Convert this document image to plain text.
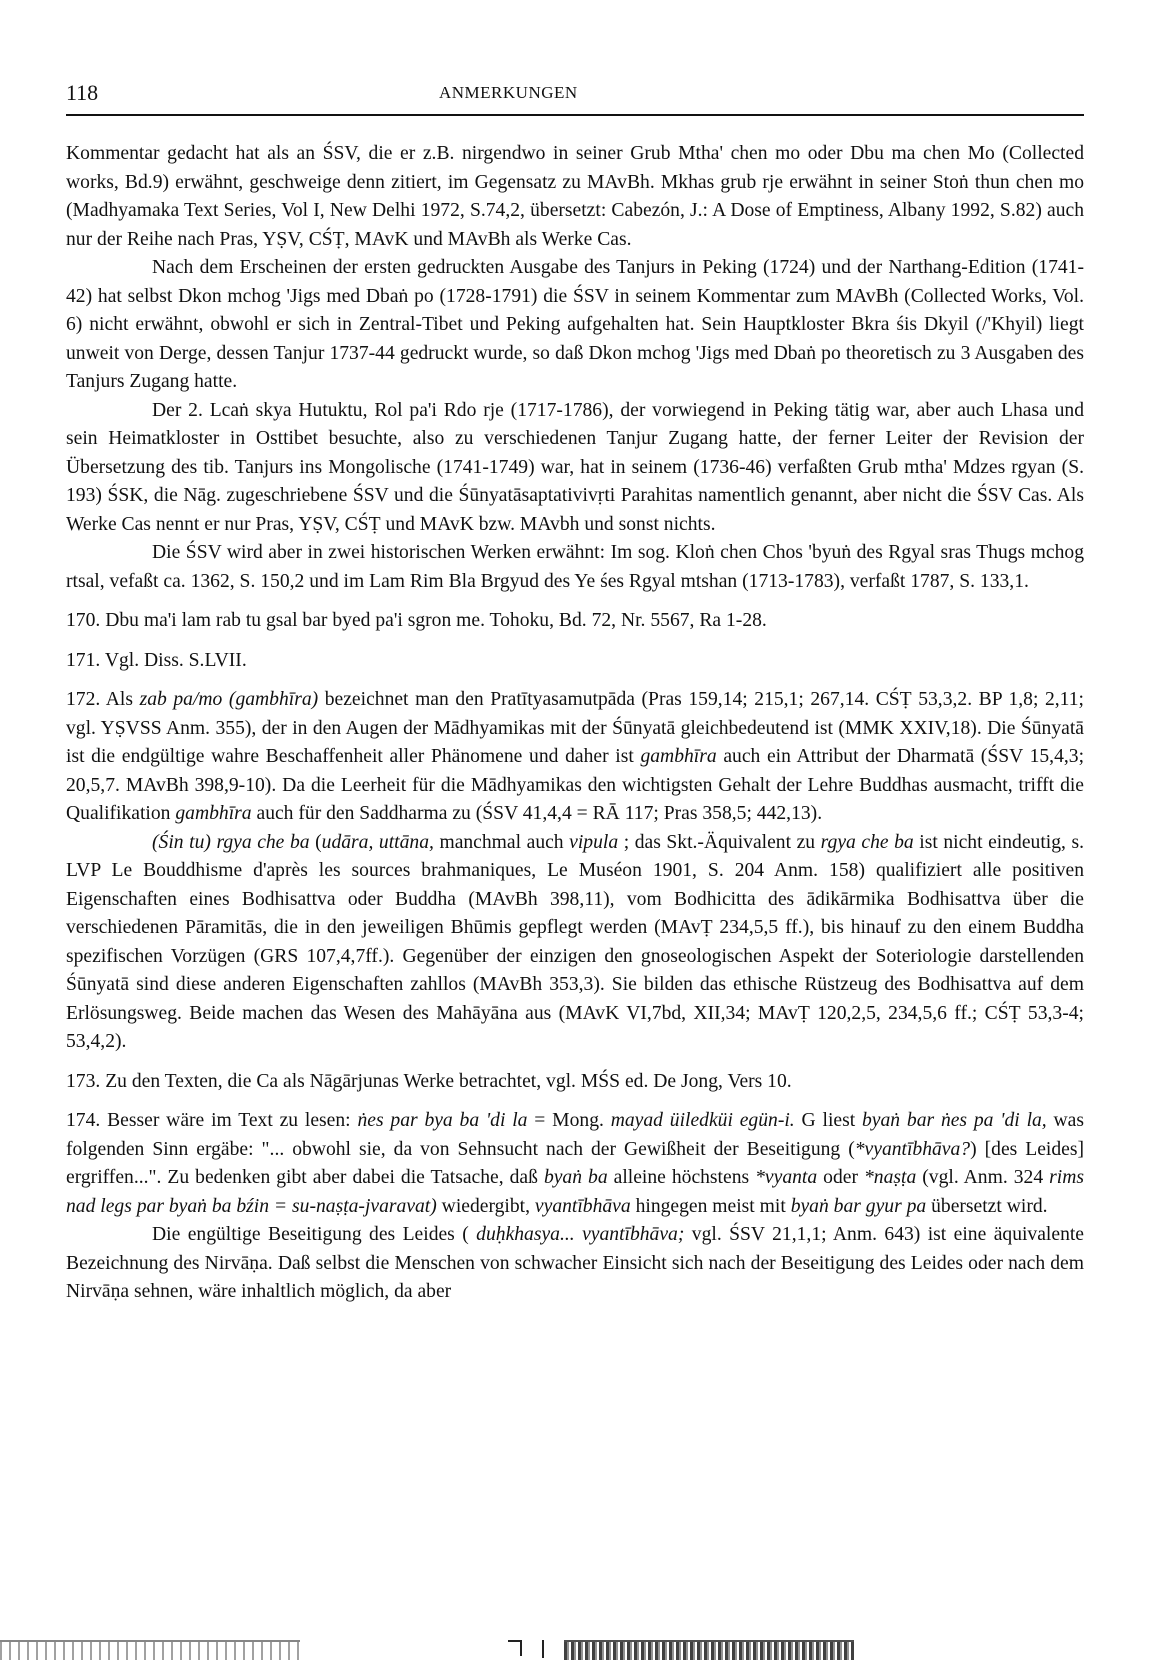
118	ANMERKUNGEN

Kommentar gedacht hat als an ŚSV, die er z.B. nirgendwo in seiner Grub Mtha' chen mo oder Dbu ma chen Mo (Collected works, Bd.9) erwähnt, geschweige denn zitiert, im Gegensatz zu MAvBh. Mkhas grub rje erwähnt in seiner Stoṅ thun chen mo (Madhyamaka Text Series, Vol I, New Delhi 1972, S.74,2, übersetzt: Cabezón, J.: A Dose of Emptiness, Albany 1992, S.82) auch nur der Reihe nach Pras, YṢV, CŚṬ, MAvK und MAvBh als Werke Cas.

Nach dem Erscheinen der ersten gedruckten Ausgabe des Tanjurs in Peking (1724) und der Narthang-Edition (1741-42) hat selbst Dkon mchog 'Jigs med Dbaṅ po (1728-1791) die ŚSV in seinem Kommentar zum MAvBh (Collected Works, Vol. 6) nicht erwähnt, obwohl er sich in Zentral-Tibet und Peking aufgehalten hat. Sein Hauptkloster Bkra śis Dkyil (/'Khyil) liegt unweit von Derge, dessen Tanjur 1737-44 gedruckt wurde, so daß Dkon mchog 'Jigs med Dbaṅ po theoretisch zu 3 Ausgaben des Tanjurs Zugang hatte.

Der 2. Lcaṅ skya Hutuktu, Rol pa'i Rdo rje (1717-1786), der vorwiegend in Peking tätig war, aber auch Lhasa und sein Heimatkloster in Osttibet besuchte, also zu verschiedenen Tanjur Zugang hatte, der ferner Leiter der Revision der Übersetzung des tib. Tanjurs ins Mongolische (1741-1749) war, hat in seinem (1736-46) verfaßten Grub mtha' Mdzes rgyan (S. 193) ŚSK, die Nāg. zugeschriebene ŚSV und die Śūnyatāsaptativivṛti Parahitas namentlich genannt, aber nicht die ŚSV Cas. Als Werke Cas nennt er nur Pras, YṢV, CŚṬ und MAvK bzw. MAvbh und sonst nichts.

Die ŚSV wird aber in zwei historischen Werken erwähnt: Im sog. Kloṅ chen Chos 'byuṅ des Rgyal sras Thugs mchog rtsal, vefaßt ca. 1362, S. 150,2 und im Lam Rim Bla Brgyud des Ye śes Rgyal mtshan (1713-1783), verfaßt 1787, S. 133,1.

170. Dbu ma'i lam rab tu gsal bar byed pa'i sgron me. Tohoku, Bd. 72, Nr. 5567, Ra 1-28.

171. Vgl. Diss. S.LVII.

172. Als zab pa/mo (gambhīra) bezeichnet man den Pratītyasamutpāda (Pras 159,14; 215,1; 267,14. CŚṬ 53,3,2. BP 1,8; 2,11; vgl. YṢVSS Anm. 355), der in den Augen der Mādhyamikas mit der Śūnyatā gleichbedeutend ist (MMK XXIV,18). Die Śūnyatā ist die endgültige wahre Beschaffenheit aller Phänomene und daher ist gambhīra auch ein Attribut der Dharmatā (ŚSV 15,4,3; 20,5,7. MAvBh 398,9-10). Da die Leerheit für die Mādhyamikas den wichtigsten Gehalt der Lehre Buddhas ausmacht, trifft die Qualifikation gambhīra auch für den Saddharma zu (ŚSV 41,4,4 = RĀ 117; Pras 358,5; 442,13).

(Śin tu) rgya che ba (udāra, uttāna, manchmal auch vipula ; das Skt.-Äquivalent zu rgya che ba ist nicht eindeutig, s. LVP Le Bouddhisme d'après les sources brahmaniques, Le Muséon 1901, S. 204 Anm. 158) qualifiziert alle positiven Eigenschaften eines Bodhisattva oder Buddha (MAvBh 398,11), vom Bodhicitta des ādikārmika Bodhisattva über die verschiedenen Pāramitās, die in den jeweiligen Bhūmis gepflegt werden (MAvṬ 234,5,5 ff.), bis hinauf zu den einem Buddha spezifischen Vorzügen (GRS 107,4,7ff.). Gegenüber der einzigen den gnoseologischen Aspekt der Soteriologie darstellenden Śūnyatā sind diese anderen Eigenschaften zahllos (MAvBh 353,3). Sie bilden das ethische Rüstzeug des Bodhisattva auf dem Erlösungsweg. Beide machen das Wesen des Mahāyāna aus (MAvK VI,7bd, XII,34; MAvṬ 120,2,5, 234,5,6 ff.; CŚṬ 53,3-4; 53,4,2).

173. Zu den Texten, die Ca als Nāgārjunas Werke betrachtet, vgl. MŚS ed. De Jong, Vers 10.

174. Besser wäre im Text zu lesen: ṅes par bya ba 'di la = Mong. mayad üiledküi egün-i. G liest byaṅ bar ṅes pa 'di la, was folgenden Sinn ergäbe: "... obwohl sie, da von Sehnsucht nach der Gewißheit der Beseitigung (*vyantībhāva?) [des Leides] ergriffen...". Zu bedenken gibt aber dabei die Tatsache, daß byaṅ ba alleine höchstens *vyanta oder *naṣṭa (vgl. Anm. 324 rims nad legs par byaṅ ba bźin = su-naṣṭa-jvaravat) wiedergibt, vyantībhāva hingegen meist mit byaṅ bar gyur pa übersetzt wird.

Die engültige Beseitigung des Leides ( duḥkhasya... vyantībhāva; vgl. ŚSV 21,1,1; Anm. 643) ist eine äquivalente Bezeichnung des Nirvāṇa. Daß selbst die Menschen von schwacher Einsicht sich nach der Beseitigung des Leides oder nach dem Nirvāṇa sehnen, wäre inhaltlich möglich, da aber
